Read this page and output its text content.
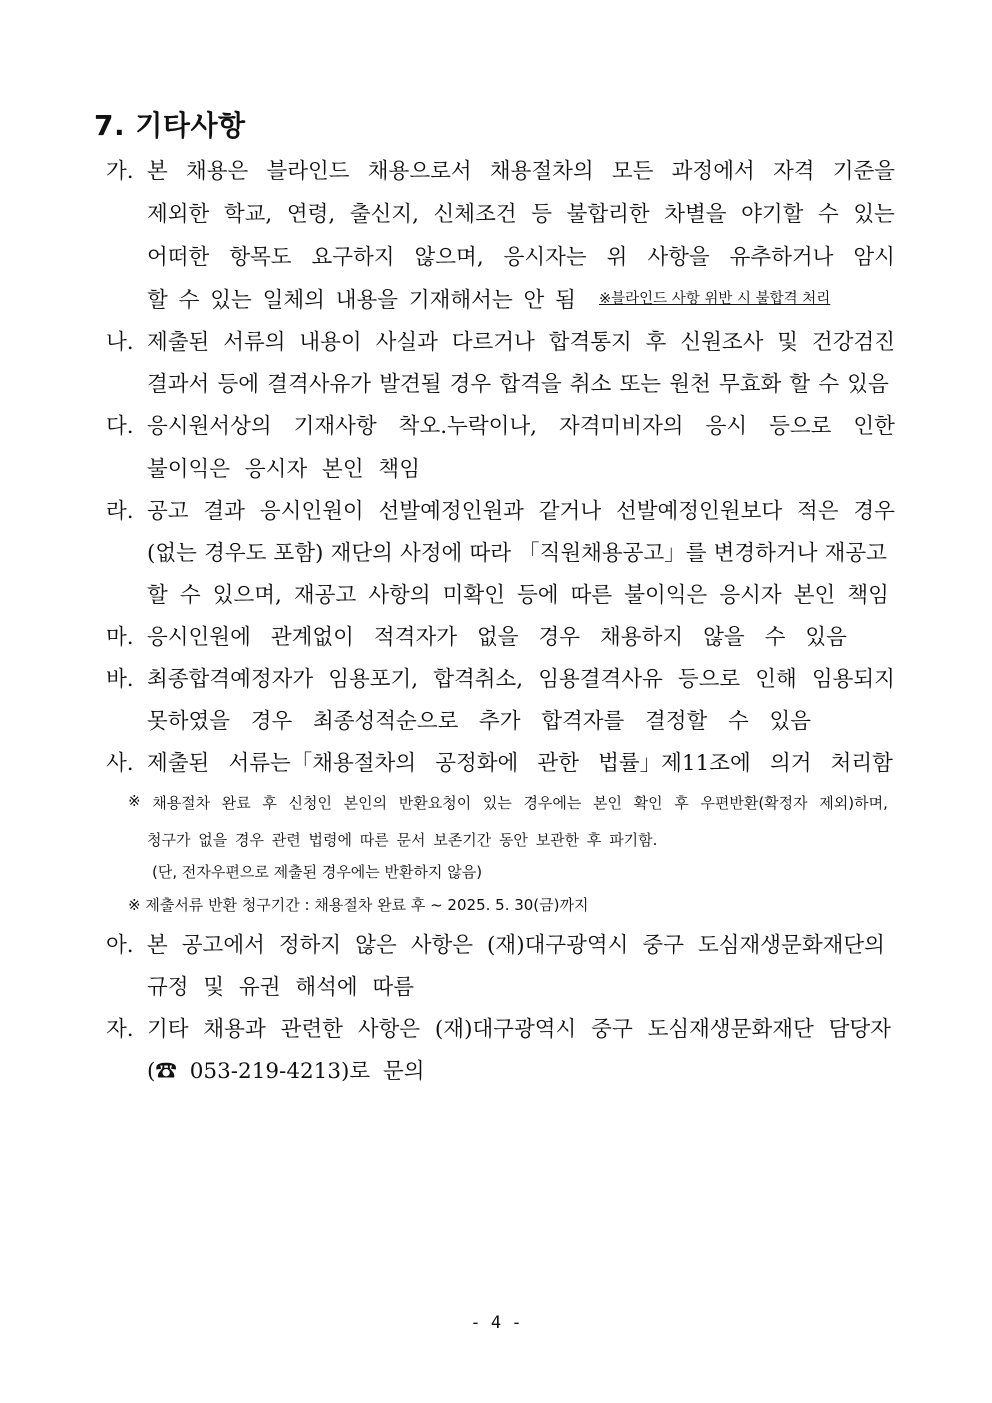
7. 기타사항
가. 본 채용은 블라인드 채용으로서 채용절차의 모든 과정에서 자격 기준을
제외한 학교, 연령, 출신지, 신체조건 등 불합리한 차별을 야기할 수 있는
어떠한 항목도 요구하지 않으며, 응시자는 위 사항을 유추하거나 암시
할 수 있는 일체의 내용을 기재해서는 안 됨 ※블라인드 사항 위반 시 불합격 처리
나. 제출된 서류의 내용이 사실과 다르거나 합격통지 후 신원조사 및 건강검진
결과서 등에 결격사유가 발견될 경우 합격을 취소 또는 원천 무효화 할 수 있음
다. 응시원서상의 기재사항 착오.누락이나, 자격미비자의 응시 등으로 인한
불이익은 응시자 본인 책임
라. 공고 결과 응시인원이 선발예정인원과 같거나 선발예정인원보다 적은 경우
(없는 경우도 포함) 재단의 사정에 따라 「직원채용공고」를 변경하거나 재공고
할 수 있으며, 재공고 사항의 미확인 등에 따른 불이익은 응시자 본인 책임
마. 응시인원에 관계없이 적격자가 없을 경우 채용하지 않을 수 있음
바. 최종합격예정자가 임용포기, 합격취소, 임용결격사유 등으로 인해 임용되지
못하였을 경우 최종성적순으로 추가 합격자를 결정할 수 있음
사. 제출된 서류는「채용절차의 공정화에 관한 법률」제11조에 의거 처리함
※ 채용절차 완료 후 신청인 본인의 반환요청이 있는 경우에는 본인 확인 후 우편반환(확정자 제외)하며,
청구가 없을 경우 관련 법령에 따른 문서 보존기간 동안 보관한 후 파기함.
(단, 전자우편으로 제출된 경우에는 반환하지 않음)
※ 제출서류 반환 청구기간 : 채용절차 완료 후 ~ 2025. 5. 30(금)까지
아. 본 공고에서 정하지 않은 사항은 (재)대구광역시 중구 도심재생문화재단의
규정 및 유권 해석에 따름
자. 기타 채용과 관련한 사항은 (재)대구광역시 중구 도심재생문화재단 담당자
(☎ 053-219-4213)로 문의
- 4 -
